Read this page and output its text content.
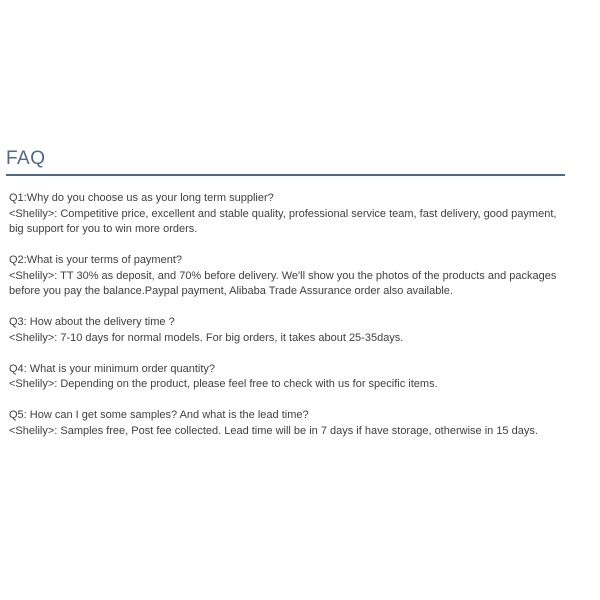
FAQ

Q1:Why do you choose us as your long term supplier?

<Shelily>: Competitive price, excellent and stable quality, professional service team, fast delivery, good payment, big support for you to win more orders.

Q2:What is your terms of payment?

<Shelily>: TT 30% as deposit, and 70% before delivery. We'll show you the photos of the products and packages before you pay the balance.Paypal payment, Alibaba Trade Assurance order also available.

Q3: How about the delivery time ?

<Shelily>: 7-10 days for normal models. For big orders, it takes about 25-35days.

Q4: What is your minimum order quantity?

<Shelily>: Depending on the product, please feel free to check with us for specific items.

Q5: How can I get some samples? And what is the lead time?

<Shelily>: Samples free, Post fee collected. Lead time will be in 7 days if have storage, otherwise in 15 days.
